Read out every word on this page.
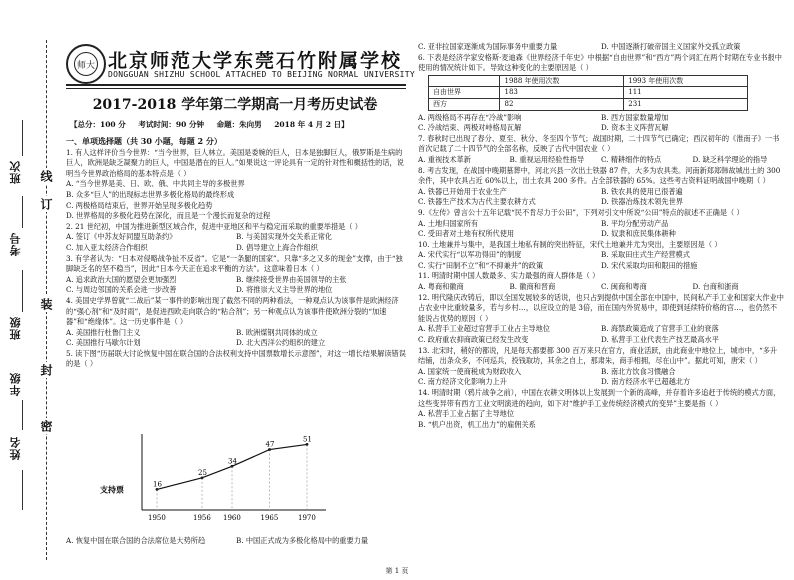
班次
考号
班级
年级
姓名
线
订
装
封
密
师大 北京师范大学东莞石竹附属学校
DONGGUAN SHIZHU SCHOOL ATTACHED TO BEIJING NORMAL UNIVERSITY
2017-2018 学年第二学期高一月考历史试卷
【总分：100 分 考试时间：90 分钟 命题：朱向男 2018 年 4 月 2 日】

一、单项选择题（共 30 小题，每题 2 分）

1. 有人这样评价当今世界：“当今世界，巨人林立。美国是委婉的巨人，日本是独脚巨人，俄罗斯是生病的巨人，欧洲是缺乏凝聚力的巨人，中国是潜在的巨人。”如果说这一评论具有一定的针对性和概括性的话，说明当今世界政治格局的基本特点是（ ）

A. “当今世界是美、日、欧、俄、中共同主导的多极世界

B. 众多“巨人”的出现标志世界多极化格局的最终形成

C. 两极格局结束后，世界开始呈现多极化趋势

D. 世界格局的多极化趋势在深化，而且是一个漫长而复杂的过程

2. 21 世纪初，中国为推进新型区域合作，促进中亚地区和平与稳定而采取的重要举措是（ ）

A. 签订《中苏友好同盟互助条约》	B. 与美国实现外交关系正常化
C. 加入亚太经济合作组织	D. 倡导建立上海合作组织

3. 有学者认为：“日本对侵略战争扯不反省”。它是“一条腿的国家”。只靠“多之又多的现金”支撑，由于“独脚缺乏名的坚不稳当”，因此“日本今天正在追求平衡的方法”。这意味着日本（ ）

A. 追求政治大国的愿望会更加强烈	B. 继续接受世界由美国领导的主张
C. 与周边邻国的关系会进一步改善	D. 将推崇大义主导世界的地位

4. 美国史学界曾就“二战后”某一事件的影响出现了截然不同的两种看法，一种观点认为该事件是欧洲经济的“强心剂”和“及时雨”，是促进西欧走向联合的“粘合剂”；另一种观点认为该事件使欧洲分裂的“加速器”和“绝缘体”。这一历史事件是（ ）

A. 美国推行杜鲁门主义	B. 欧洲煤钢共同体的成立
C. 美国推行马歇尔计划	D. 北大西洋公约组织的建立

5. 读下图“历届联大讨论恢复中国在联合国的合法权利支持中国票数增长示意图”，对这一增长结果解读错误的是（ ）

支持票	16
1950
25
1956
34
1960
47
1965
51
1970
A. 恢复中国在联合国的合法席位是大势所趋	B. 中国正式成为多极化格局中的重要力量
C. 亚非拉国家逐渐成为国际事务中重要力量	D. 中国逐渐打破帝国主义国家外交孤立政策

6. 下表是经济学家安格斯·麦迪森《世界经济千年史》中根据“自由世界”和“西方”两个词汇在两个时期在专业书报中使用的情况统计如下。导致这种变化的主要原因是（ ）

	1988 年使用次数	1993 年使用次数
自由世界	183	111
西方	82	231
A. 两级格局不再存在“冷战”影响	B. 西方国家数量增加
C. 冷战结束、两极对峙格局瓦解	D. 资本主义阵营瓦解

7. 春秋时已出现了春分、夏至、秋分、冬至四个节气；战国时期，二十四节气已确定；西汉初年的《淮南子》一书首次记载了二十四节气的全部名称，反映了古代中国农业（ ）

A. 重视技术革新	B. 重视运用经验性指导	C. 精耕细作的特点	D. 缺乏科学理论的指导

8. 考古发现，在战国中晚期墓葬中，河北兴县一次出土铁器 87 件，大多为农具类。河南新郑郑韩故城出土的 300 余件，其中农具占近 60%以上，出土农具 200 多件。占全部铁器的 65%。这些考古资料证明战国中晚期（ ）

A. 铁器已开始用于农业生产	B. 铁农具的使用已很普遍
C. 铁器生产技术为古代主要农耕方式	D. 铁器冶炼技术领先世界

9.《左传》曾言公十五年记载“民不肯尽力于公田”，下列对引文中所说“公田”特点的叙述不正确是（ ）

A. 土地归国家所有	B. 平均分配劳动产品
C. 受田者对土地有权所代使用	D. 奴隶和庶民集体耕种

10. 土地兼并与集中，是我国土地私有制的突出特征，宋代土地兼并尤为突出，主要原因是（ ）

A. 宋代实行“以军功得田”的制度	B. 采取田庄式生产经营模式
C. 实行“田制不立”和“不抑兼并”的政策	D. 宋代采取均田和限田的措施

11. 明清时期中国人数最多、实力最强的商人群体是（ ）

A. 粤商和徽商	B. 徽商和晋商	C. 闽商和粤商	D. 台商和浙商

12. 明代隆庆改铸后，即以全国发展较多的话说，也只占到提供中国全部在中国中，民间私产手工业和国家大作业中占农业中比重较量多，若与乡村…，以应设立的是 3倍，而在国内外贸易中，即使到延续特价格的宫…，也仍然不能说占优势的原因（ ）

A. 私营手工业超过官营手工业占主导地位	B. 海禁政策造成了官营手工业的衰落
C. 政府重农抑商政策已经发生改变	D. 私营手工业代表生产技艺最高水平

13. 北宋时，稍好的都说，凡是每天都要都 300 百万来只在官方，商业活跃，由此商业中地位上，城市中，“多升结铺，出条众多，不问巡兵，投钱取坊，其余之自上，那肃朱，商手相拥，尽在山中”。据此可知，唐宋（ ）

A. 国家统一使商税成为财政收入	B. 南北方饮食习惯融合
C. 南方经济文化影响力上升	D. 南方经济水平已超越北方

14. 明清时期（鸦片战争之前），中国在农耕文明体以上发展到一个新的高峰，并存着许多追赶于传统的模式方面，这些变异带有西方工业文明演进的趋向，如下对“维护手工业传统经济模式的变异”主要是指（ ）

A. 私营手工业占据了主导地位

B. “机户出资，机工出力”的雇佣关系

第 1 页
